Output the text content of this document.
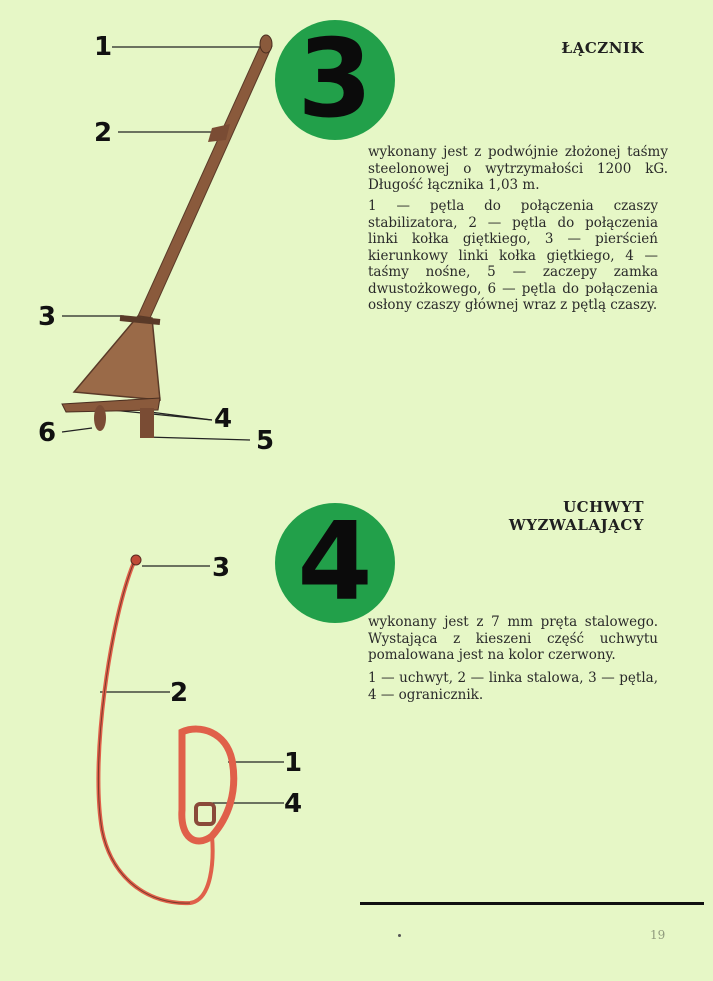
3	ŁĄCZNIK

wykonany jest z podwójnie złożonej taśmy steelonowej o wytrzymałości 1200 kG. Długość łącznika 1,03 m.

1 — pętla do połączenia czaszy stabilizatora, 2 — pętla do połączenia linki kołka giętkiego, 3 — pierścień kierunkowy linki kołka giętkiego, 4 — taśmy nośne, 5 — zaczepy zamka dwustożkowego, 6 — pętla do połączenia osłony czaszy głównej wraz z pętlą czaszy.

1
2
3
4
5
6
4	UCHWYT
WYZWALAJĄCY

wykonany jest z 7 mm pręta stalowego. Wystająca z kieszeni część uchwytu pomalowana jest na kolor czerwony.

1 — uchwyt, 2 — linka stalowa, 3 — pętla, 4 — ogranicznik.

3
2
1
4
19
